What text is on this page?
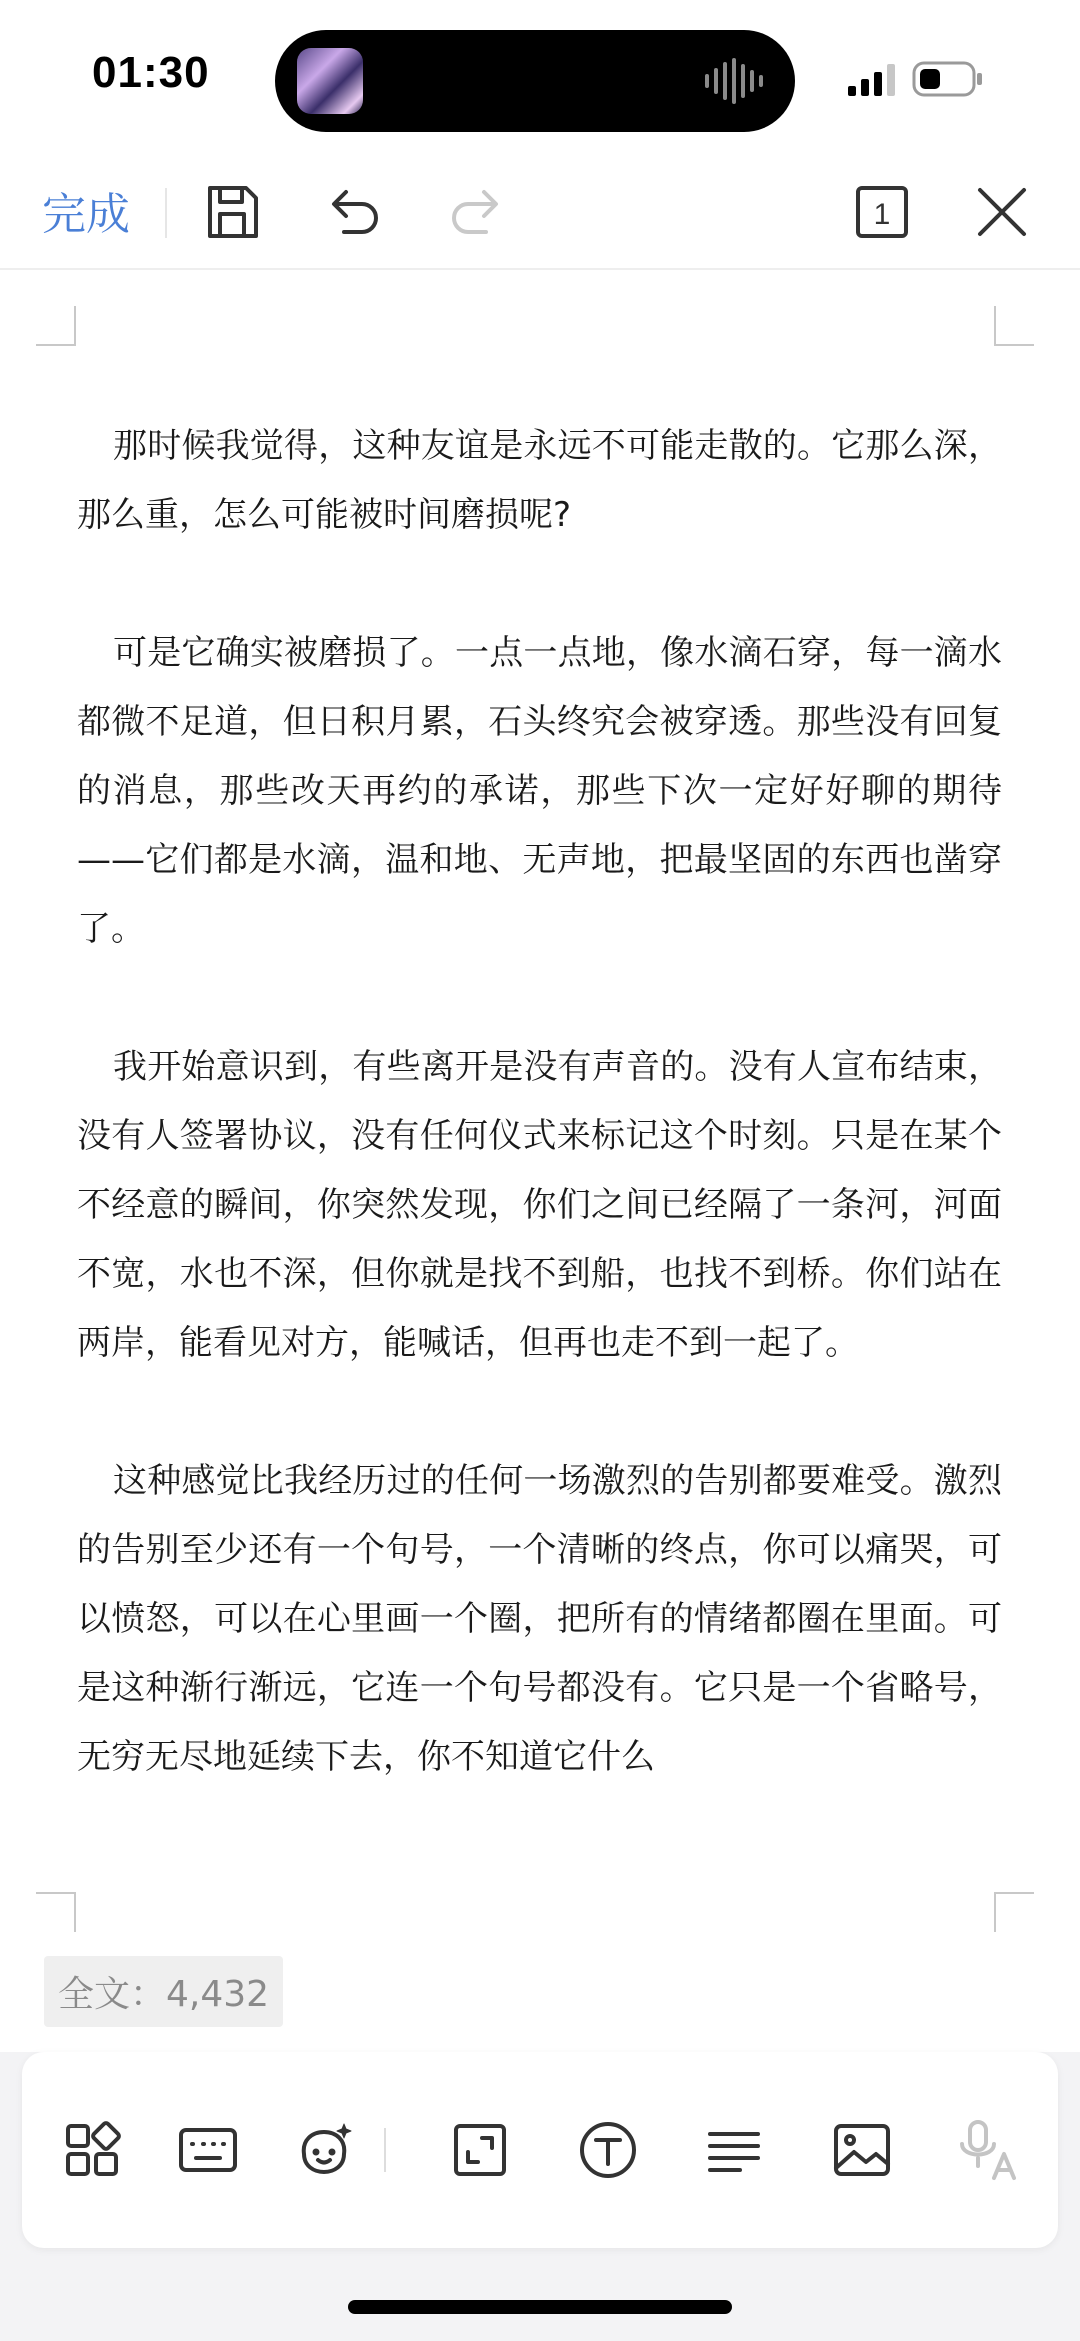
01:30
完成	1

那时候我觉得，这种友谊是永远不可能走散的。它那么深，那么重，怎么可能被时间磨损呢?

可是它确实被磨损了。一点一点地，像水滴石穿，每一滴水都微不足道，但日积月累，石头终究会被穿透。那些没有回复的消息，那些改天再约的承诺，那些下次一定好好聊的期待——它们都是水滴，温和地、无声地，把最坚固的东西也凿穿了。

我开始意识到，有些离开是没有声音的。没有人宣布结束，没有人签署协议，没有任何仪式来标记这个时刻。只是在某个不经意的瞬间，你突然发现，你们之间已经隔了一条河，河面不宽，水也不深，但你就是找不到船，也找不到桥。你们站在两岸，能看见对方，能喊话，但再也走不到一起了。

这种感觉比我经历过的任何一场激烈的告别都要难受。激烈的告别至少还有一个句号，一个清晰的终点，你可以痛哭，可以愤怒，可以在心里画一个圈，把所有的情绪都圈在里面。可是这种渐行渐远，它连一个句号都没有。它只是一个省略号，无穷无尽地延续下去，你不知道它什么

全文：4,432
